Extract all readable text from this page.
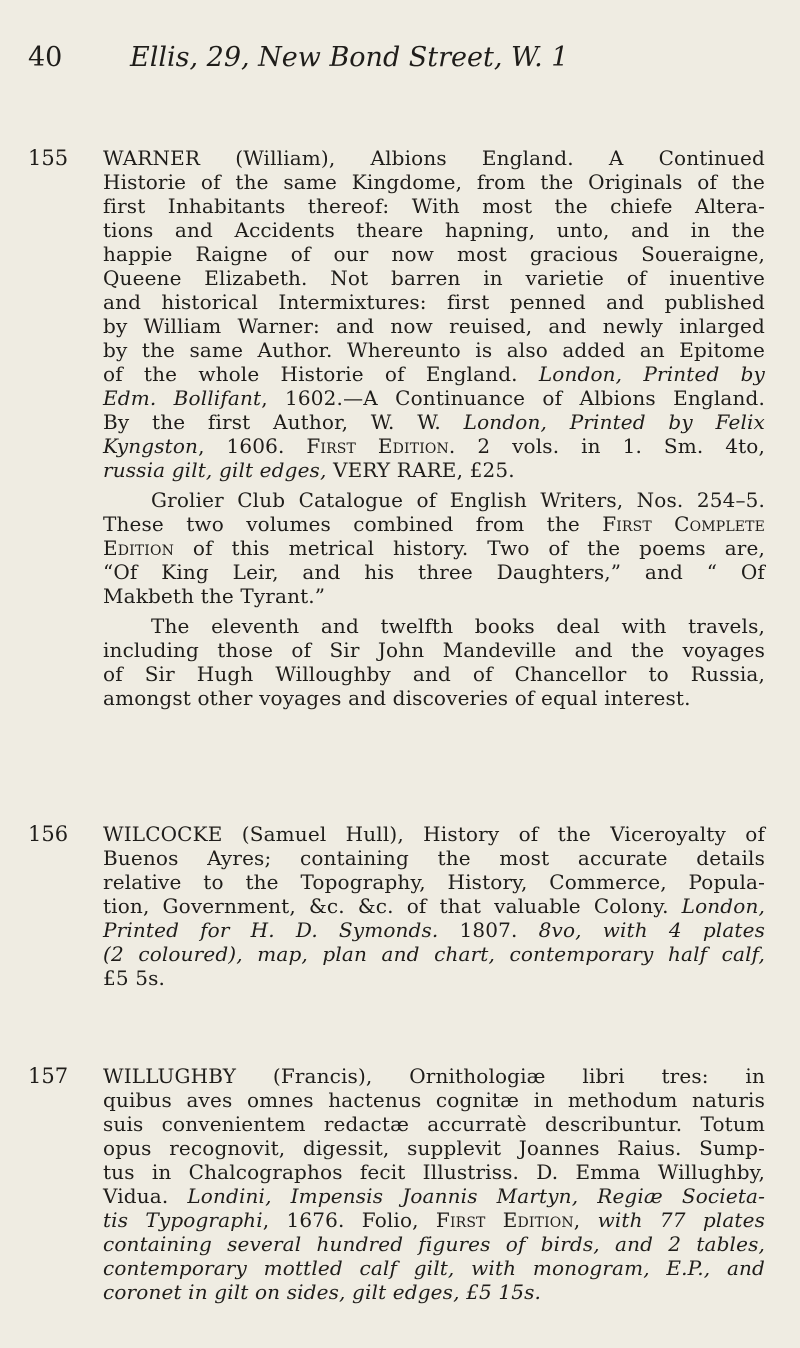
40	Ellis, 29, New Bond Street, W. 1
155 WARNER (William), Albions England. A Continued

Historie of the same Kingdome, from the Originals of the

first Inhabitants thereof: With most the chiefe Altera-

tions and Accidents theare hapning, unto, and in the

happie Raigne of our now most gracious Soueraigne,

Queene Elizabeth. Not barren in varietie of inuentive

and historical Intermixtures: first penned and published

by William Warner: and now reuised, and newly inlarged

by the same Author. Whereunto is also added an Epitome

of the whole Historie of England. London, Printed by

Edm. Bollifant, 1602.—A Continuance of Albions England.

By the first Author, W. W. London, Printed by Felix

Kyngston, 1606. First Edition. 2 vols. in 1. Sm. 4to,

russia gilt, gilt edges, VERY RARE, £25.

Grolier Club Catalogue of English Writers, Nos. 254–5.

These two volumes combined from the First Complete

Edition of this metrical history. Two of the poems are,

“Of King Leir, and his three Daughters,” and “ Of

Makbeth the Tyrant.”

The eleventh and twelfth books deal with travels,

including those of Sir John Mandeville and the voyages

of Sir Hugh Willoughby and of Chancellor to Russia,

amongst other voyages and discoveries of equal interest.

156 WILCOCKE (Samuel Hull), History of the Viceroyalty of

Buenos Ayres; containing the most accurate details

relative to the Topography, History, Commerce, Popula-

tion, Government, &c. &c. of that valuable Colony. London,

Printed for H. D. Symonds. 1807. 8vo, with 4 plates

(2 coloured), map, plan and chart, contemporary half calf,

£5 5s.

157 WILLUGHBY (Francis), Ornithologiæ libri tres: in

quibus aves omnes hactenus cognitæ in methodum naturis

suis convenientem redactæ accurratè describuntur. Totum

opus recognovit, digessit, supplevit Joannes Raius. Sump-

tus in Chalcographos fecit Illustriss. D. Emma Willughby,

Vidua. Londini, Impensis Joannis Martyn, Regiæ Societa-

tis Typographi, 1676. Folio, First Edition, with 77 plates

containing several hundred figures of birds, and 2 tables,

contemporary mottled calf gilt, with monogram, E.P., and

coronet in gilt on sides, gilt edges, £5 15s.
